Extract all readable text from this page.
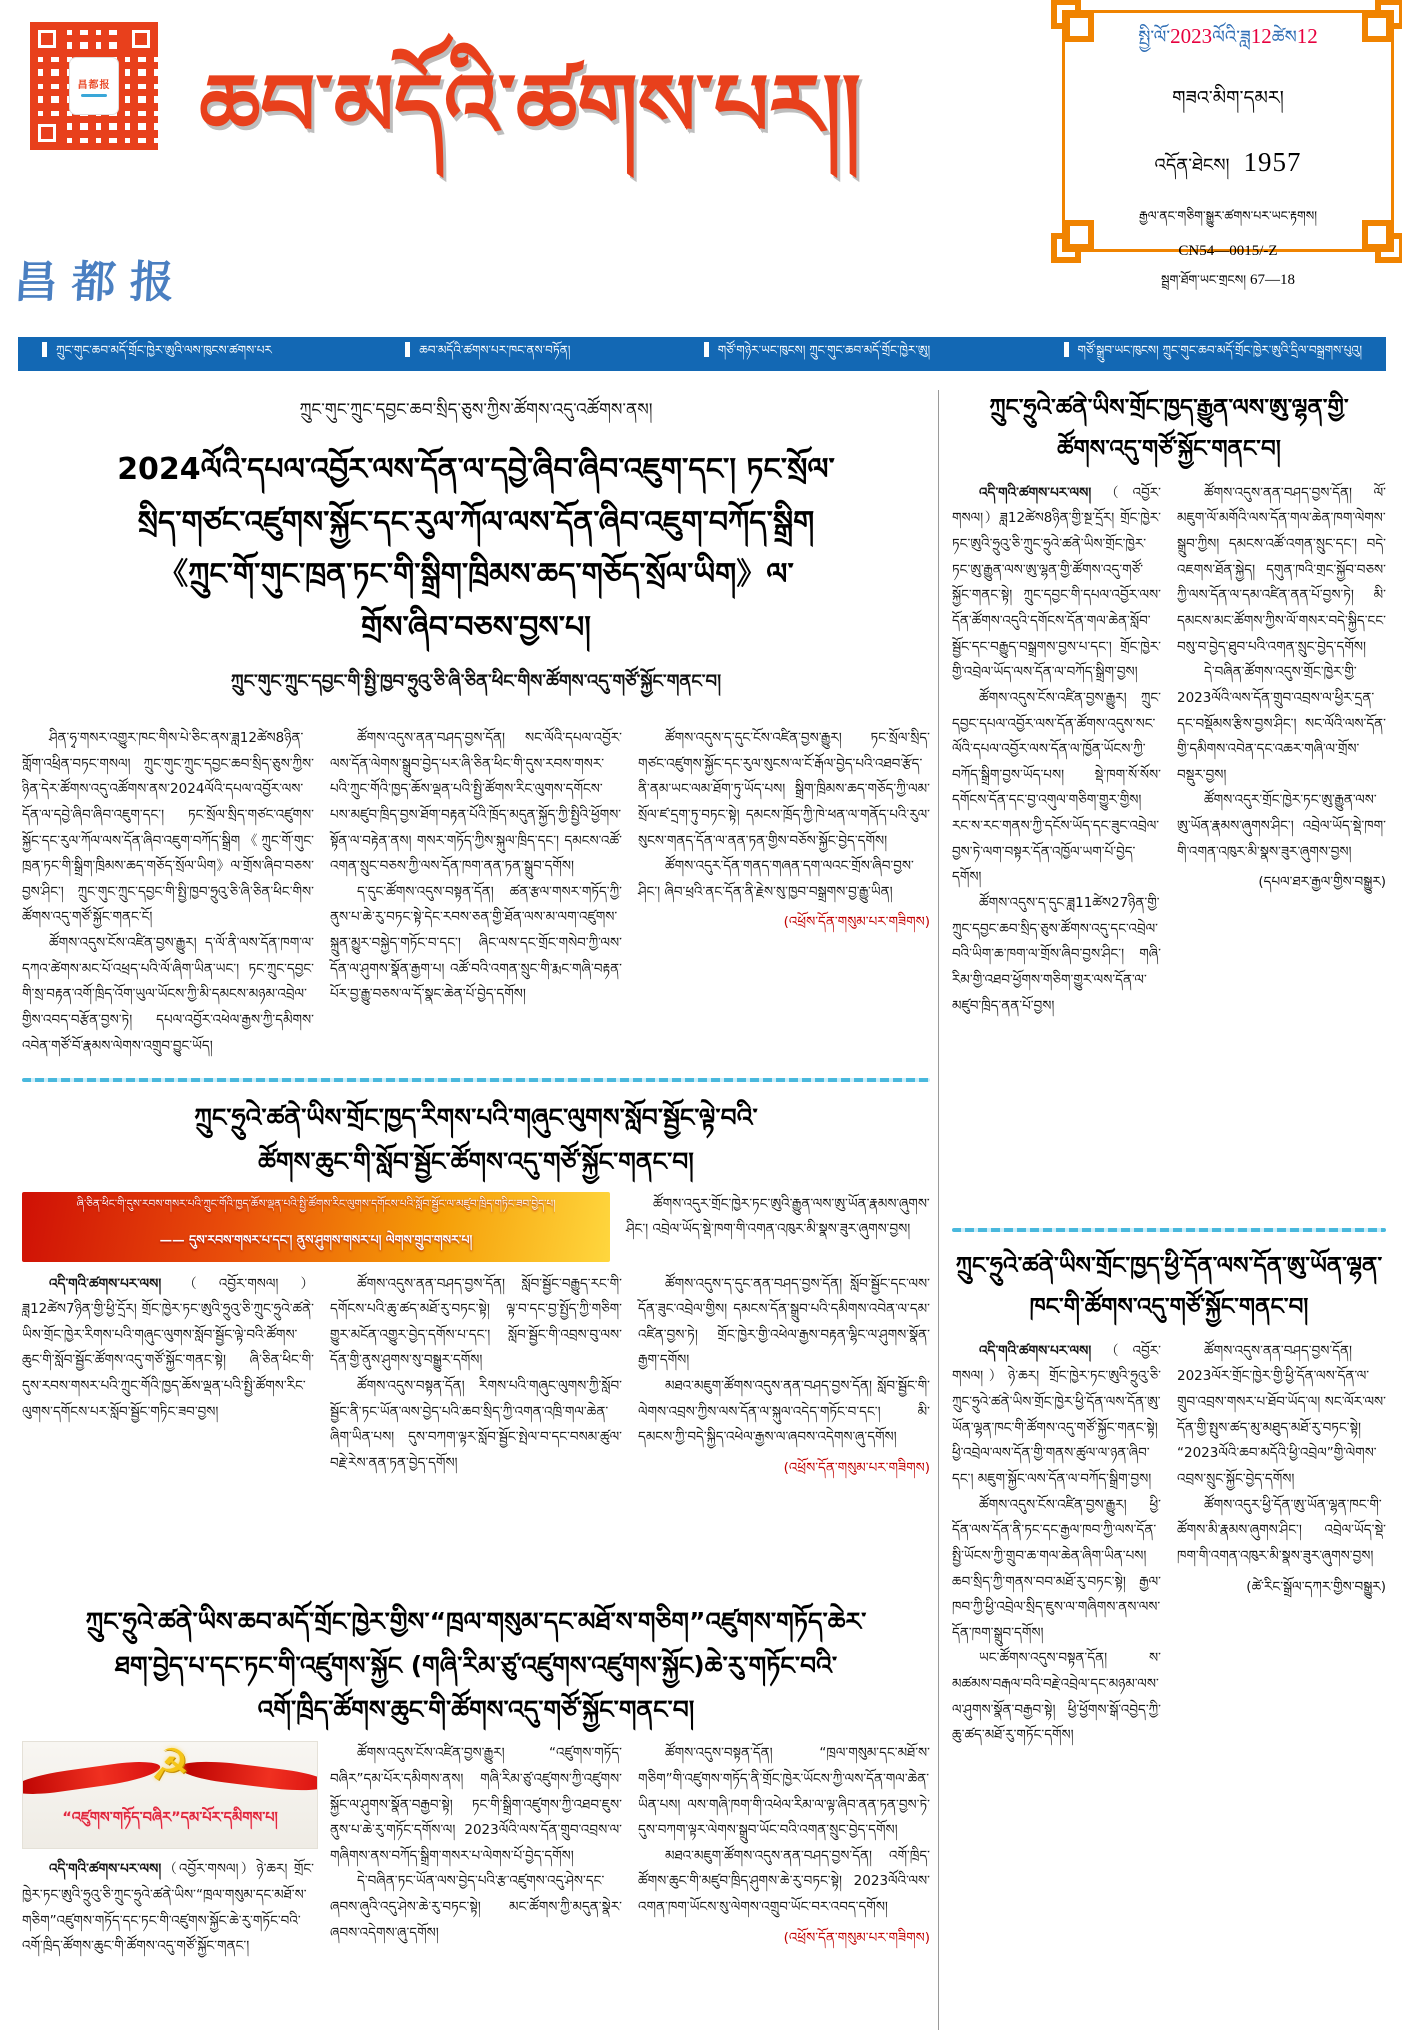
昌都报
昌都报
ཆབ་མདོའི་ཚགས་པར།།
སྤྱི་ལོ་2023ལོའི་ཟླ12ཚེས12
གཟའ་མིག་དམར།
འདོན་ཐེངས། 1957
རྒྱལ་ནང་གཅིག་སྒྱུར་ཚགས་པར་ཡང་རྟགས།
CN54—0015/-Z
སྦྲག་ཐོག་ཡང་གྲངས། 67—18
ཀྲུང་གུང་ཆབ་མདོ་གྲོང་ཁྱེར་ཨུའི་ལས་ཁུངས་ཚགས་པར	ཆབ་མདོའི་ཚགས་པར་ཁང་ནས་བཏོན།	གཙོ་གཉེར་ཡང་ཁུངས། ཀྲུང་གུང་ཆབ་མདོ་གྲོང་ཁྱེར་ཨུ།	གཙོ་སྒྲུབ་ཡང་ཁུངས། ཀྲུང་གུང་ཆབ་མདོ་གྲོང་ཁྱེར་ཨུའི་དྲིལ་བསྒྲགས་པུའུ།
ཀྲུང་གུང་ཀྲུང་དབྱང་ཆབ་སྲིད་ཅུས་ཀྱིས་ཚོགས་འདུ་འཚོགས་ནས།
2024ལོའི་དཔལ་འབྱོར་ལས་དོན་ལ་དབྱེ་ཞིབ་ཞིབ་འཇུག་དང་། ཏང་སྲོལ་
སྲིད་གཙང་འཛུགས་སྐྱོང་དང་རུལ་ཀོལ་ལས་དོན་ཞིབ་འཇུག་བཀོད་སྒྲིག
《ཀྲུང་གོ་གུང་ཁྲན་ཏང་གི་སྒྲིག་ཁྲིམས་ཆད་གཅོད་སྲོལ་ཡིག》ལ་
གྲོས་ཞིབ་བཅས་བྱས་པ།
ཀྲུང་གུང་ཀྲུང་དབྱང་གི་སྤྱི་ཁྱབ་ཧྲུའུ་ཅི་ཞི་ཅིན་ཕིང་གིས་ཚོགས་འདུ་གཙོ་སྐྱོང་གནང་བ།

ཤིན་ཧྭ་གསར་འགྱུར་ཁང་གིས་པེ་ཅིང་ནས་ཟླ12ཚེས8ཉིན་གློག་འཕྲིན་བཏང་གསལ། ཀྲུང་གུང་ཀྲུང་དབྱང་ཆབ་སྲིད་ཅུས་ཀྱིས་ཉིན་དེར་ཚོགས་འདུ་འཚོགས་ནས་2024ལོའི་དཔལ་འབྱོར་ལས་དོན་ལ་དབྱེ་ཞིབ་ཞིབ་འཇུག་དང་། ཏང་སྲོལ་སྲིད་གཙང་འཛུགས་སྐྱོང་དང་རུལ་ཀོལ་ལས་དོན་ཞིབ་འཇུག་བཀོད་སྒྲིག《ཀྲུང་གོ་གུང་ཁྲན་ཏང་གི་སྒྲིག་ཁྲིམས་ཆད་གཅོད་སྲོལ་ཡིག》ལ་གྲོས་ཞིབ་བཅས་བྱས་ཤིང་། ཀྲུང་གུང་ཀྲུང་དབྱང་གི་སྤྱི་ཁྱབ་ཧྲུའུ་ཅི་ཞི་ཅིན་ཕིང་གིས་ཚོགས་འདུ་གཙོ་སྐྱོང་གནང་ངོ།

ཚོགས་འདུས་ངོས་འཛིན་བྱས་རྒྱུར། ད་ལོ་ནི་ལས་དོན་ཁག་ལ་དཀའ་ཚེགས་མང་པོ་འཕྲད་པའི་ལོ་ཞིག་ཡིན་ཡང་། ཏང་ཀྲུང་དབྱང་གི་སྲ་བརྟན་འགོ་ཁྲིད་འོག་ཡུལ་ཡོངས་ཀྱི་མི་དམངས་མཉམ་འབྲེལ་གྱིས་འབད་བརྩོན་བྱས་ཏེ། དཔལ་འབྱོར་འཕེལ་རྒྱས་ཀྱི་དམིགས་འབེན་གཙོ་བོ་རྣམས་ལེགས་འགྲུབ་བྱུང་ཡོད།

ཚོགས་འདུས་ནན་བཤད་བྱས་དོན། སང་ལོའི་དཔལ་འབྱོར་ལས་དོན་ལེགས་སྒྲུབ་བྱེད་པར་ཞི་ཅིན་ཕིང་གི་དུས་རབས་གསར་པའི་ཀྲུང་གོའི་ཁྱད་ཆོས་ལྡན་པའི་སྤྱི་ཚོགས་རིང་ལུགས་དགོངས་པས་མཛུབ་ཁྲིད་བྱས་ཐོག་བརྟན་པོའི་ཁྲོད་མདུན་སྐྱོད་ཀྱི་སྤྱིའི་ཕྱོགས་སྟོན་ལ་བརྟེན་ནས། གསར་གཏོད་ཀྱིས་སྐུལ་ཁྲིད་དང་། དམངས་འཚོ་འགན་སྲུང་བཅས་ཀྱི་ལས་དོན་ཁག་ནན་ཏན་སྒྲུབ་དགོས།

ད་དུང་ཚོགས་འདུས་བསྟན་དོན། ཚན་རྩལ་གསར་གཏོད་ཀྱི་ནུས་པ་ཆེ་རུ་བཏང་སྟེ་དེང་རབས་ཅན་གྱི་ཐོན་ལས་མ་ལག་འཛུགས་སྐྲུན་མྱུར་བསྐྱེད་གཏོང་བ་དང་། ཞིང་ལས་དང་གྲོང་གསེབ་ཀྱི་ལས་དོན་ལ་ཤུགས་སྣོན་རྒྱག་པ། འཚོ་བའི་འགན་སྲུང་གི་རྨང་གཞི་བརྟན་པོར་བྱ་རྒྱུ་བཅས་ལ་དོ་སྣང་ཆེན་པོ་བྱེད་དགོས།

ཚོགས་འདུས་ད་དུང་ངོས་འཛིན་བྱས་རྒྱུར། ཏང་སྲོལ་སྲིད་གཙང་འཛུགས་སྐྱོང་དང་རུལ་སུངས་ལ་ངོ་རྒོལ་བྱེད་པའི་འཐབ་རྩོད་ནི་ནམ་ཡང་ལམ་ཐོག་ཏུ་ཡོད་པས། སྒྲིག་ཁྲིམས་ཆད་གཅོད་ཀྱི་ལམ་སྲོལ་ཛ་དྲག་ཏུ་བཏང་སྟེ། དམངས་ཁྲོད་ཀྱི་ཁེ་ཕན་ལ་གནོད་པའི་རུལ་སུངས་གནད་དོན་ལ་ནན་ཏན་གྱིས་བཅོས་སྐྱོང་བྱེད་དགོས།

ཚོགས་འདུར་དོན་གནད་གཞན་དག་ལའང་གྲོས་ཞིབ་བྱས་ཤིང་། ཞིབ་ཕྲའི་ནང་དོན་ནི་རྗེས་སུ་ཁྱབ་བསྒྲགས་བྱ་རྒྱུ་ཡིན།

(འཕྲོས་དོན་གསུམ་པར་གཟིགས)

ཀྲུང་ཧྲུའེ་ཚནེ་ཡིས་གྲོང་ཁྱད་རིགས་པའི་གཞུང་ལུགས་སློབ་སྦྱོང་ལྟེ་བའི་
ཚོགས་ཆུང་གི་སློབ་སྦྱོང་ཚོགས་འདུ་གཙོ་སྐྱོང་གནང་བ།
ཞི་ཅིན་ཕིང་གི་དུས་རབས་གསར་པའི་ཀྲུང་གོའི་ཁྱད་ཆོས་ལྡན་པའི་སྤྱི་ཚོགས་རིང་ལུགས་དགོངས་པའི་སློབ་སྦྱོང་ལ་མཛུབ་ཁྲིད་གཏིང་ཟབ་བྱེད་པ།
—— དུས་རབས་གསར་པ་དང་། ནུས་ཤུགས་གསར་པ། ལེགས་གྲུབ་གསར་པ།

ཚོགས་འདུར་གྲོང་ཁྱེར་ཏང་ཨུའི་རྒྱུན་ལས་ཨུ་ཡོན་རྣམས་ཞུགས་ཤིང་། འབྲེལ་ཡོད་སྡེ་ཁག་གི་འགན་འཁུར་མི་སྣས་ཟུར་ཞུགས་བྱས།

འདི་གའི་ཚགས་པར་ལས།（འབྱོར་གསལ།）ཟླ12ཚེས7ཉིན་གྱི་ཕྱི་དྲོར། གྲོང་ཁྱེར་ཏང་ཨུའི་ཧྲུའུ་ཅི་ཀྲུང་ཧྲུའེ་ཚནེ་ཡིས་གྲོང་ཁྱེར་རིགས་པའི་གཞུང་ལུགས་སློབ་སྦྱོང་ལྟེ་བའི་ཚོགས་ཆུང་གི་སློབ་སྦྱོང་ཚོགས་འདུ་གཙོ་སྐྱོང་གནང་སྟེ། ཞི་ཅིན་ཕིང་གི་དུས་རབས་གསར་པའི་ཀྲུང་གོའི་ཁྱད་ཆོས་ལྡན་པའི་སྤྱི་ཚོགས་རིང་ལུགས་དགོངས་པར་སློབ་སྦྱོང་གཏིང་ཟབ་བྱས།

ཚོགས་འདུས་ནན་བཤད་བྱས་དོན། སློབ་སྦྱོང་བརྒྱུད་རང་གི་དགོངས་པའི་ཆུ་ཚད་མཐོ་རུ་བཏང་སྟེ། ལྟ་བ་དང་བྱ་སྤྱོད་ཀྱི་གཅིག་གྱུར་མངོན་འགྱུར་བྱེད་དགོས་པ་དང་། སློབ་སྦྱོང་གི་འབྲས་བུ་ལས་དོན་གྱི་ནུས་ཤུགས་སུ་བསྒྱུར་དགོས།

ཚོགས་འདུས་བསྟན་དོན། རིགས་པའི་གཞུང་ལུགས་ཀྱི་སློབ་སྦྱོང་ནི་ཏང་ཡོན་ལས་བྱེད་པའི་ཆབ་སྲིད་ཀྱི་འགན་འཁྲི་གལ་ཆེན་ཞིག་ཡིན་པས། དུས་བཀག་ལྟར་སློབ་སྦྱོང་སྤེལ་བ་དང་བསམ་ཚུལ་བརྗེ་རེས་ནན་ཏན་བྱེད་དགོས།

ཚོགས་འདུས་ད་དུང་ནན་བཤད་བྱས་དོན། སློབ་སྦྱོང་དང་ལས་དོན་ཟུང་འབྲེལ་གྱིས། དམངས་དོན་སྒྲུབ་པའི་དམིགས་འབེན་ལ་དམ་འཛིན་བྱས་ཏེ། གྲོང་ཁྱེར་གྱི་འཕེལ་རྒྱས་བརྟན་ལྷིང་ལ་ཤུགས་སྣོན་རྒྱག་དགོས།

མཐའ་མཇུག་ཚོགས་འདུས་ནན་བཤད་བྱས་དོན། སློབ་སྦྱོང་གི་ལེགས་འབྲས་ཀྱིས་ལས་དོན་ལ་སྐུལ་འདེད་གཏོང་བ་དང་། མི་དམངས་ཀྱི་བདེ་སྐྱིད་འཕེལ་རྒྱས་ལ་ཞབས་འདེགས་ཞུ་དགོས།

(འཕྲོས་དོན་གསུམ་པར་གཟིགས)

ཀྲུང་ཧྲུའེ་ཚནེ་ཡིས་ཆབ་མདོ་གྲོང་ཁྱེར་གྱིས་“ཁྲལ་གསུམ་དང་མཐོ་ས་གཅིག”འཛུགས་གཏོད་ཆེར་
ཐག་བྱེད་པ་དང་ཏང་གི་འཛུགས་སྐྱོང (གཞི་རིམ་ཙུ་འཛུགས་འཛུགས་སྐྱོང)ཆེ་རུ་གཏོང་བའི་
འགོ་ཁྲིད་ཚོགས་ཆུང་གི་ཚོགས་འདུ་གཙོ་སྐྱོང་གནང་བ།
☭
“འཛུགས་གཏོད་བཞིར”དམ་པོར་དམིགས་པ།

འདི་གའི་ཚགས་པར་ལས།（འབྱོར་གསལ།）ཉེ་ཆར། གྲོང་ཁྱེར་ཏང་ཨུའི་ཧྲུའུ་ཅི་ཀྲུང་ཧྲུའེ་ཚནེ་ཡིས་“ཁྲལ་གསུམ་དང་མཐོ་ས་གཅིག”འཛུགས་གཏོད་དང་ཏང་གི་འཛུགས་སྐྱོང་ཆེ་རུ་གཏོང་བའི་འགོ་ཁྲིད་ཚོགས་ཆུང་གི་ཚོགས་འདུ་གཙོ་སྐྱོང་གནང་།

ཚོགས་འདུས་ངོས་འཛིན་བྱས་རྒྱུར། “འཛུགས་གཏོད་བཞིར”དམ་པོར་དམིགས་ནས། གཞི་རིམ་ཙུ་འཛུགས་ཀྱི་འཛུགས་སྐྱོང་ལ་ཤུགས་སྣོན་བརྒྱབ་སྟེ། ཏང་གི་སྒྲིག་འཛུགས་ཀྱི་འཐབ་ཇུས་ནུས་པ་ཆེ་རུ་གཏོང་དགོས་ལ། 2023ལོའི་ལས་དོན་གྲུབ་འབྲས་ལ་གཞིགས་ནས་བཀོད་སྒྲིག་གསར་པ་ལེགས་པོ་བྱེད་དགོས།

དེ་བཞིན་ཏང་ཡོན་ལས་བྱེད་པའི་རྩ་འཛུགས་འདུ་ཤེས་དང་ཞབས་ཞུའི་འདུ་ཤེས་ཆེ་རུ་བཏང་སྟེ། མང་ཚོགས་ཀྱི་མདུན་སྣེར་ཞབས་འདེགས་ཞུ་དགོས།

ཚོགས་འདུས་བསྟན་དོན། “ཁྲལ་གསུམ་དང་མཐོ་ས་གཅིག”གི་འཛུགས་གཏོད་ནི་གྲོང་ཁྱེར་ཡོངས་ཀྱི་ལས་དོན་གལ་ཆེན་ཡིན་པས། ལས་གཞི་ཁག་གི་འཕེལ་རིམ་ལ་ལྟ་ཞིབ་ནན་ཏན་བྱས་ཏེ་དུས་བཀག་ལྟར་ལེགས་སྒྲུབ་ཡོང་བའི་འགན་སྲུང་བྱེད་དགོས།

མཐའ་མཇུག་ཚོགས་འདུས་ནན་བཤད་བྱས་དོན། འགོ་ཁྲིད་ཚོགས་ཆུང་གི་མཛུབ་ཁྲིད་ཤུགས་ཆེ་རུ་བཏང་སྟེ། 2023ལོའི་ལས་འགན་ཁག་ཡོངས་སུ་ལེགས་འགྲུབ་ཡོང་བར་འབད་དགོས།

(འཕྲོས་དོན་གསུམ་པར་གཟིགས)

ཀྲུང་ཧྲུའེ་ཚནེ་ཡིས་གྲོང་ཁྱད་རྒྱུན་ལས་ཨུ་ལྷན་གྱི་
ཚོགས་འདུ་གཙོ་སྐྱོང་གནང་བ།

འདི་གའི་ཚགས་པར་ལས།（འབྱོར་གསལ།）ཟླ12ཚེས8ཉིན་གྱི་སྔ་དྲོར། གྲོང་ཁྱེར་ཏང་ཨུའི་ཧྲུའུ་ཅི་ཀྲུང་ཧྲུའེ་ཚནེ་ཡིས་གྲོང་ཁྱེར་ཏང་ཨུ་རྒྱུན་ལས་ཨུ་ལྷན་གྱི་ཚོགས་འདུ་གཙོ་སྐྱོང་གནང་སྟེ། ཀྲུང་དབྱང་གི་དཔལ་འབྱོར་ལས་དོན་ཚོགས་འདུའི་དགོངས་དོན་གལ་ཆེན་སློབ་སྦྱོང་དང་བརྒྱུད་བསྒྲགས་བྱས་པ་དང་། གྲོང་ཁྱེར་གྱི་འབྲེལ་ཡོད་ལས་དོན་ལ་བཀོད་སྒྲིག་བྱས།

ཚོགས་འདུས་ངོས་འཛིན་བྱས་རྒྱུར། ཀྲུང་དབྱང་དཔལ་འབྱོར་ལས་དོན་ཚོགས་འདུས་སང་ལོའི་དཔལ་འབྱོར་ལས་དོན་ལ་ཁྱོན་ཡོངས་ཀྱི་བཀོད་སྒྲིག་བྱས་ཡོད་པས། སྡེ་ཁག་སོ་སོས་དགོངས་དོན་དང་བྱ་འགུལ་གཅིག་གྱུར་གྱིས། རང་ས་རང་གནས་ཀྱི་དངོས་ཡོད་དང་ཟུང་འབྲེལ་བྱས་ཏེ་ལག་བསྟར་དོན་འཁྱོལ་ཡག་པོ་བྱེད་དགོས།

ཚོགས་འདུས་ད་དུང་ཟླ11ཚེས27ཉིན་གྱི་ཀྲུང་དབྱང་ཆབ་སྲིད་ཅུས་ཚོགས་འདུ་དང་འབྲེལ་བའི་ཡིག་ཆ་ཁག་ལ་གྲོས་ཞིབ་བྱས་ཤིང་། གཞི་རིམ་གྱི་འཐབ་ཕྱོགས་གཅིག་གྱུར་ལས་དོན་ལ་མཛུབ་ཁྲིད་ནན་པོ་བྱས།

ཚོགས་འདུས་ནན་བཤད་བྱས་དོན། ལོ་མཇུག་ལོ་མགོའི་ལས་དོན་གལ་ཆེན་ཁག་ལེགས་སྒྲུབ་ཀྱིས། དམངས་འཚོ་འགན་སྲུང་དང་། བདེ་འཇགས་ཐོན་སྐྱེད། དགུན་ཁའི་གྲང་སྐྱོབ་བཅས་ཀྱི་ལས་དོན་ལ་དམ་འཛིན་ནན་པོ་བྱས་ཏེ། མི་དམངས་མང་ཚོགས་ཀྱིས་ལོ་གསར་བདེ་སྐྱིད་ངང་བསུ་བ་བྱེད་ཐུབ་པའི་འགན་སྲུང་བྱེད་དགོས།

དེ་བཞིན་ཚོགས་འདུས་གྲོང་ཁྱེར་གྱི་2023ལོའི་ལས་དོན་གྲུབ་འབྲས་ལ་ཕྱིར་དྲན་དང་བསྡོམས་རྩིས་བྱས་ཤིང་། སང་ལོའི་ལས་དོན་གྱི་དམིགས་འབེན་དང་འཆར་གཞི་ལ་གྲོས་བསྡུར་བྱས།

ཚོགས་འདུར་གྲོང་ཁྱེར་ཏང་ཨུ་རྒྱུན་ལས་ཨུ་ཡོན་རྣམས་ཞུགས་ཤིང་། འབྲེལ་ཡོད་སྡེ་ཁག་གི་འགན་འཁུར་མི་སྣས་ཟུར་ཞུགས་བྱས།

(དཔལ་ཐར་རྒྱལ་གྱིས་བསྒྱུར)

ཀྲུང་ཧྲུའེ་ཚནེ་ཡིས་གྲོང་ཁྱད་ཕྱི་དོན་ལས་དོན་ཨུ་ཡོན་ལྷན་
ཁང་གི་ཚོགས་འདུ་གཙོ་སྐྱོང་གནང་བ།

འདི་གའི་ཚགས་པར་ལས།（འབྱོར་གསལ།）ཉེ་ཆར། གྲོང་ཁྱེར་ཏང་ཨུའི་ཧྲུའུ་ཅི་ཀྲུང་ཧྲུའེ་ཚནེ་ཡིས་གྲོང་ཁྱེར་ཕྱི་དོན་ལས་དོན་ཨུ་ཡོན་ལྷན་ཁང་གི་ཚོགས་འདུ་གཙོ་སྐྱོང་གནང་སྟེ། ཕྱི་འབྲེལ་ལས་དོན་གྱི་གནས་ཚུལ་ལ་ཉན་ཞིབ་དང་། མཇུག་སྐྱོང་ལས་དོན་ལ་བཀོད་སྒྲིག་བྱས།

ཚོགས་འདུས་ངོས་འཛིན་བྱས་རྒྱུར། ཕྱི་དོན་ལས་དོན་ནི་ཏང་དང་རྒྱལ་ཁབ་ཀྱི་ལས་དོན་སྤྱི་ཡོངས་ཀྱི་གྲུབ་ཆ་གལ་ཆེན་ཞིག་ཡིན་པས། ཆབ་སྲིད་ཀྱི་གནས་བབ་མཐོ་རུ་བཏང་སྟེ། རྒྱལ་ཁབ་ཀྱི་ཕྱི་འབྲེལ་སྲིད་ཇུས་ལ་གཞིགས་ནས་ལས་དོན་ཁག་སྒྲུབ་དགོས།

ཡང་ཚོགས་འདུས་བསྟན་དོན། ས་མཚམས་བརྒལ་བའི་བརྗེ་འབྲེལ་དང་མཉམ་ལས་ལ་ཤུགས་སྣོན་བརྒྱབ་སྟེ། ཕྱི་ཕྱོགས་སྒོ་འབྱེད་ཀྱི་ཆུ་ཚད་མཐོ་རུ་གཏོང་དགོས།

ཚོགས་འདུས་ནན་བཤད་བྱས་དོན། 2023ལོར་གྲོང་ཁྱེར་གྱི་ཕྱི་དོན་ལས་དོན་ལ་གྲུབ་འབྲས་གསར་པ་ཐོབ་ཡོད་ལ། སང་ལོར་ལས་དོན་གྱི་སྤུས་ཚད་མུ་མཐུད་མཐོ་རུ་བཏང་སྟེ། “2023ལོའི་ཆབ་མདོའི་ཕྱི་འབྲེལ”གྱི་ལེགས་འབྲས་སྲུང་སྐྱོང་བྱེད་དགོས།

ཚོགས་འདུར་ཕྱི་དོན་ཨུ་ཡོན་ལྷན་ཁང་གི་ཚོགས་མི་རྣམས་ཞུགས་ཤིང་། འབྲེལ་ཡོད་སྡེ་ཁག་གི་འགན་འཁུར་མི་སྣས་ཟུར་ཞུགས་བྱས།

(ཚེ་རིང་སྒྲོལ་དཀར་གྱིས་བསྒྱུར)
